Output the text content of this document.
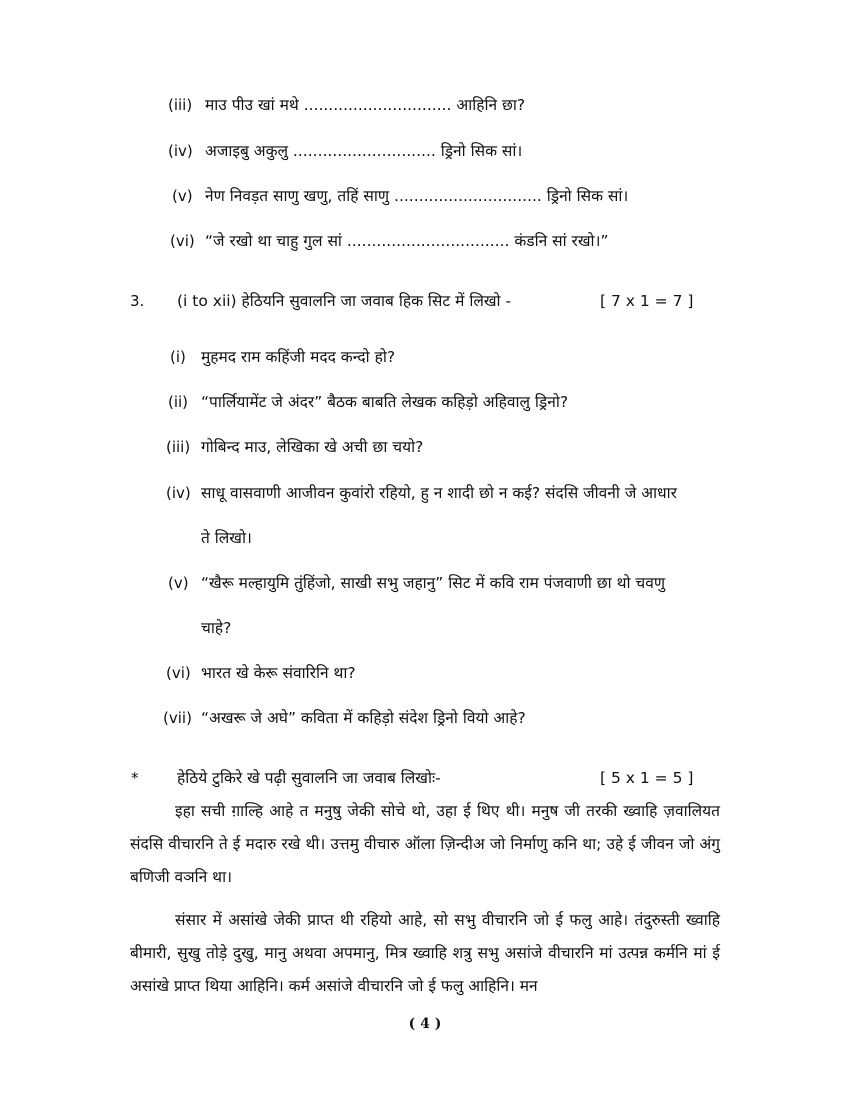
(iii) माउ पीउ खां मथे .............................. आहिनि छा?
(iv) अजाइबु अकुलु ............................. ड्रिनो सिक सां।
(v) नेण निवड़त साणु खणु, तहिं साणु .............................. ड्रिनो सिक सां।
(vi) “जे रखो था चाहु गुल सां ................................. कंडनि सां रखो।”
3. (i to xii) हेठियनि सुवालनि जा जवाब हिक सिट में लिखो -	[ 7 x 1 = 7 ]
(i) मुहमद राम कहिंजी मदद कन्दो हो?
(ii) “पार्लियामेंट जे अंदर” बैठक बाबति लेखक कहिड़ो अहिवालु ड्रिनो?
(iii) गोबिन्द माउ, लेखिका खे अची छा चयो?
(iv) साधू वासवाणी आजीवन कुवांरो रहियो, हु न शादी छो न कई? संदसि जीवनी जे आधार
ते लिखो।
(v) “खैरू मल्हायुमि तुंहिंजो, साखी सभु जहानु” सिट में कवि राम पंजवाणी छा थो चवणु
चाहे?
(vi) भारत खे केरू संवारिनि था?
(vii) “अखरू जे अघे” कविता में कहिड़ो संदेश ड्रिनो वियो आहे?
* हेठिये टुकिरे खे पढ़ी सुवालनि जा जवाब लिखोः-	[ 5 x 1 = 5 ]
इहा सची ग़ाल्हि आहे त मनुषु जेकी सोचे थो, उहा ई थिए थी। मनुष जी तरकी ख्वाहि ज़वालियत संदसि वीचारनि ते ई मदारु रखे थी। उत्तमु वीचारु ऑला ज़िन्दीअ जो निर्माणु कनि था; उहे ई जीवन जो अंगु बणिजी वञनि था।
संसार में असांखे जेकी प्राप्त थी रहियो आहे, सो सभु वीचारनि जो ई फलु आहे। तंदुरुस्ती ख्वाहि बीमारी, सुखु तोड़े दुखु, मानु अथवा अपमानु, मित्र ख्वाहि शत्रु सभु असांजे वीचारनि मां उत्पन्न कर्मनि मां ई असांखे प्राप्त थिया आहिनि। कर्म असांजे वीचारनि जो ई फलु आहिनि। मन
( 4 )
